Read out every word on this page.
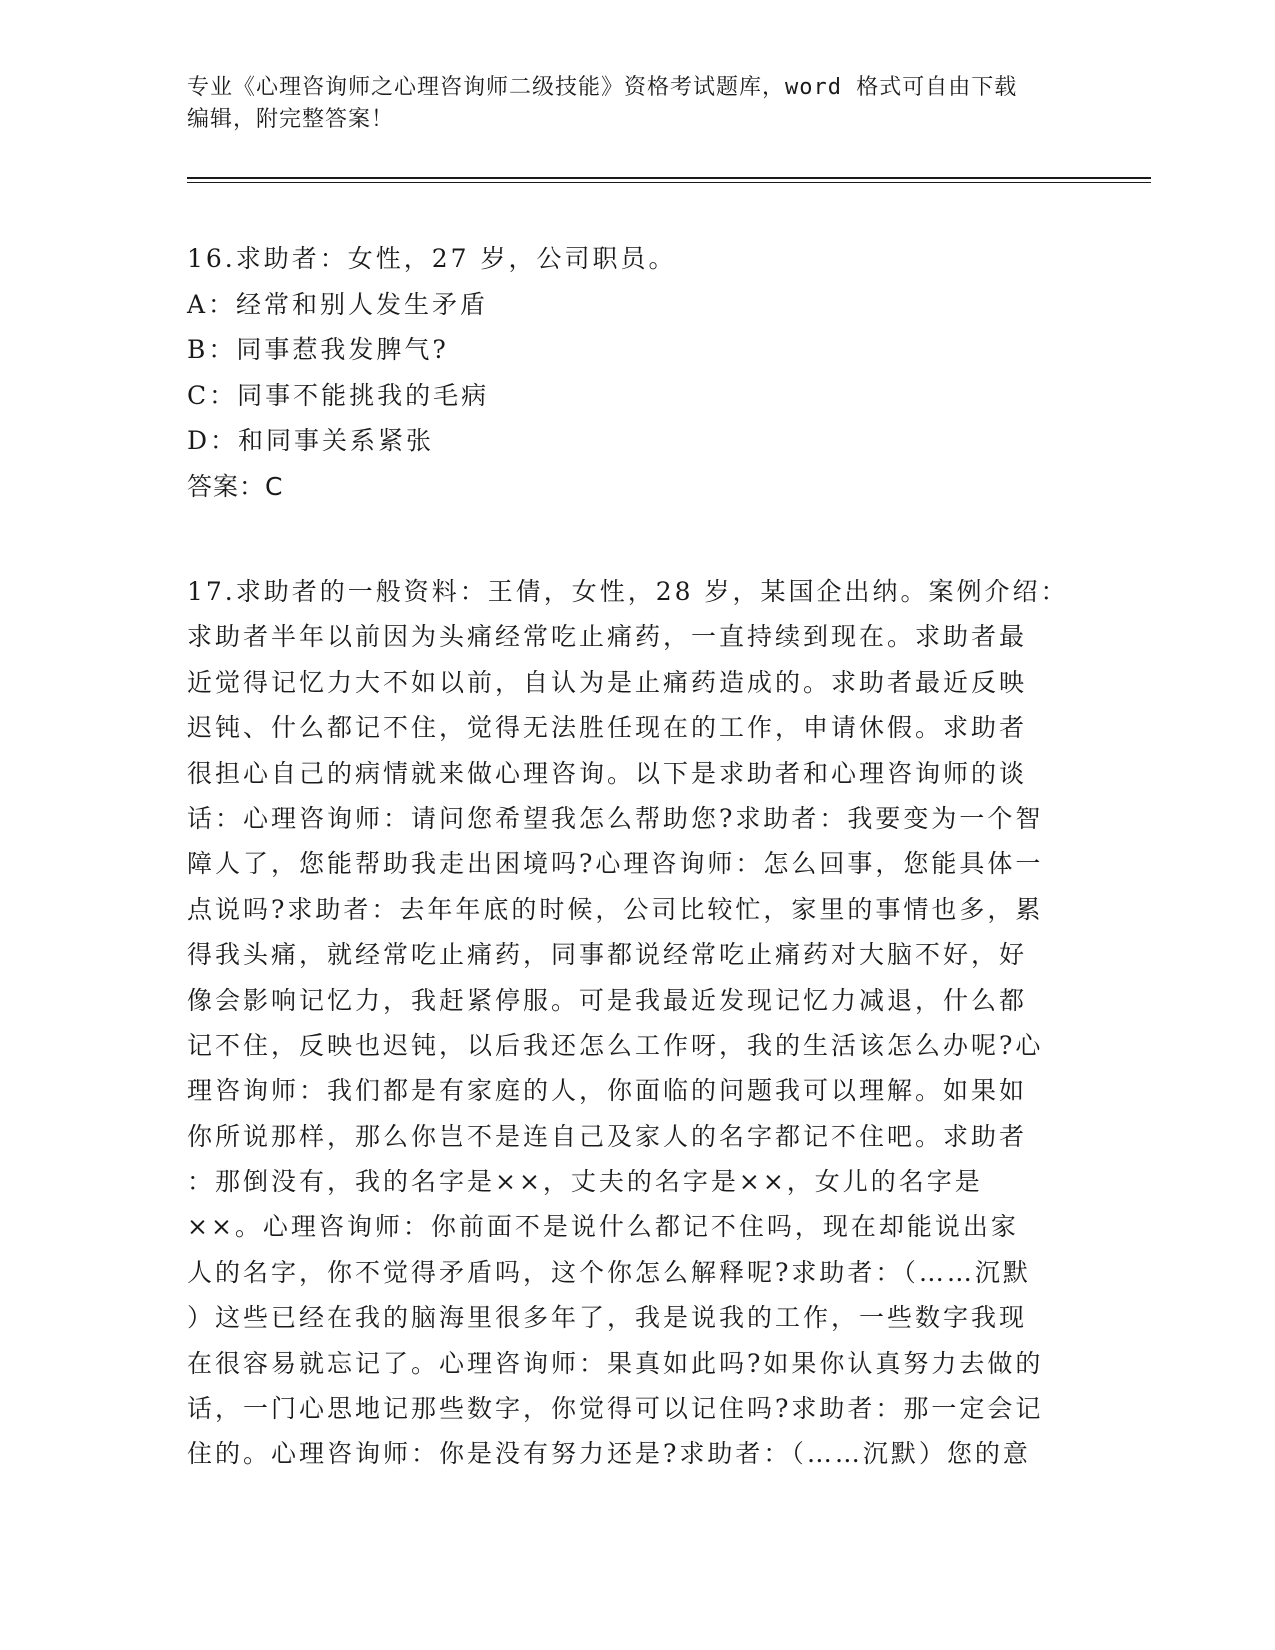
专业《心理咨询师之心理咨询师二级技能》资格考试题库，word 格式可自由下载
编辑，附完整答案！
16.求助者：女性，27 岁，公司职员。
A：经常和别人发生矛盾
B：同事惹我发脾气?
C：同事不能挑我的毛病
D：和同事关系紧张
答案：C
17.求助者的一般资料：王倩，女性，28 岁，某国企出纳。案例介绍：
求助者半年以前因为头痛经常吃止痛药，一直持续到现在。求助者最
近觉得记忆力大不如以前，自认为是止痛药造成的。求助者最近反映
迟钝、什么都记不住，觉得无法胜任现在的工作，申请休假。求助者
很担心自己的病情就来做心理咨询。以下是求助者和心理咨询师的谈
话：心理咨询师：请问您希望我怎么帮助您?求助者：我要变为一个智
障人了，您能帮助我走出困境吗?心理咨询师：怎么回事，您能具体一
点说吗?求助者：去年年底的时候，公司比较忙，家里的事情也多，累
得我头痛，就经常吃止痛药，同事都说经常吃止痛药对大脑不好，好
像会影响记忆力，我赶紧停服。可是我最近发现记忆力减退，什么都
记不住，反映也迟钝，以后我还怎么工作呀，我的生活该怎么办呢?心
理咨询师：我们都是有家庭的人，你面临的问题我可以理解。如果如
你所说那样，那么你岂不是连自己及家人的名字都记不住吧。求助者
：那倒没有，我的名字是××，丈夫的名字是××，女儿的名字是
××。心理咨询师：你前面不是说什么都记不住吗，现在却能说出家
人的名字，你不觉得矛盾吗，这个你怎么解释呢?求助者：（……沉默
）这些已经在我的脑海里很多年了，我是说我的工作，一些数字我现
在很容易就忘记了。心理咨询师：果真如此吗?如果你认真努力去做的
话，一门心思地记那些数字，你觉得可以记住吗?求助者：那一定会记
住的。心理咨询师：你是没有努力还是?求助者：（……沉默）您的意
